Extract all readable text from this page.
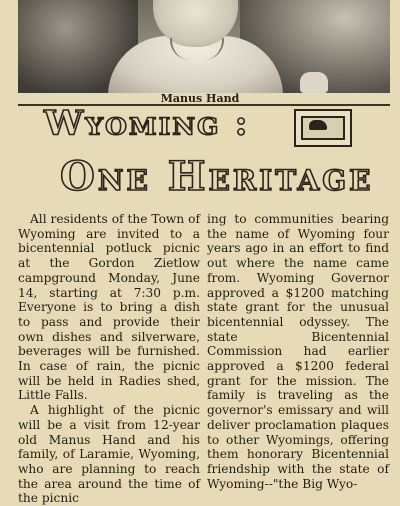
Manus Hand
Wyoming :
One Heritage

All residents of the Town of Wyoming are invited to a bicentennial potluck picnic at the Gordon Zietlow campground Monday, June 14, starting at 7:30 p.m. Everyone is to bring a dish to pass and provide their own dishes and silverware, beverages will be furnished. In case of rain, the picnic will be held in Radies shed, Little Falls.

A highlight of the picnic will be a visit from 12-year old Manus Hand and his family, of Laramie, Wyoming, who are planning to reach the area around the time of the picnic

ing to communities bearing the name of Wyoming four years ago in an effort to find out where the name came from. Wyoming Governor approved a $1200 matching state grant for the unusual bicentennial odyssey. The state Bicentennial Commission had earlier approved a $1200 federal grant for the mission. The family is traveling as the governor's emissary and will deliver proclamation plaques to other Wyomings, offering them honorary Bicentennial friendship with the state of Wyoming--"the Big Wyo-
